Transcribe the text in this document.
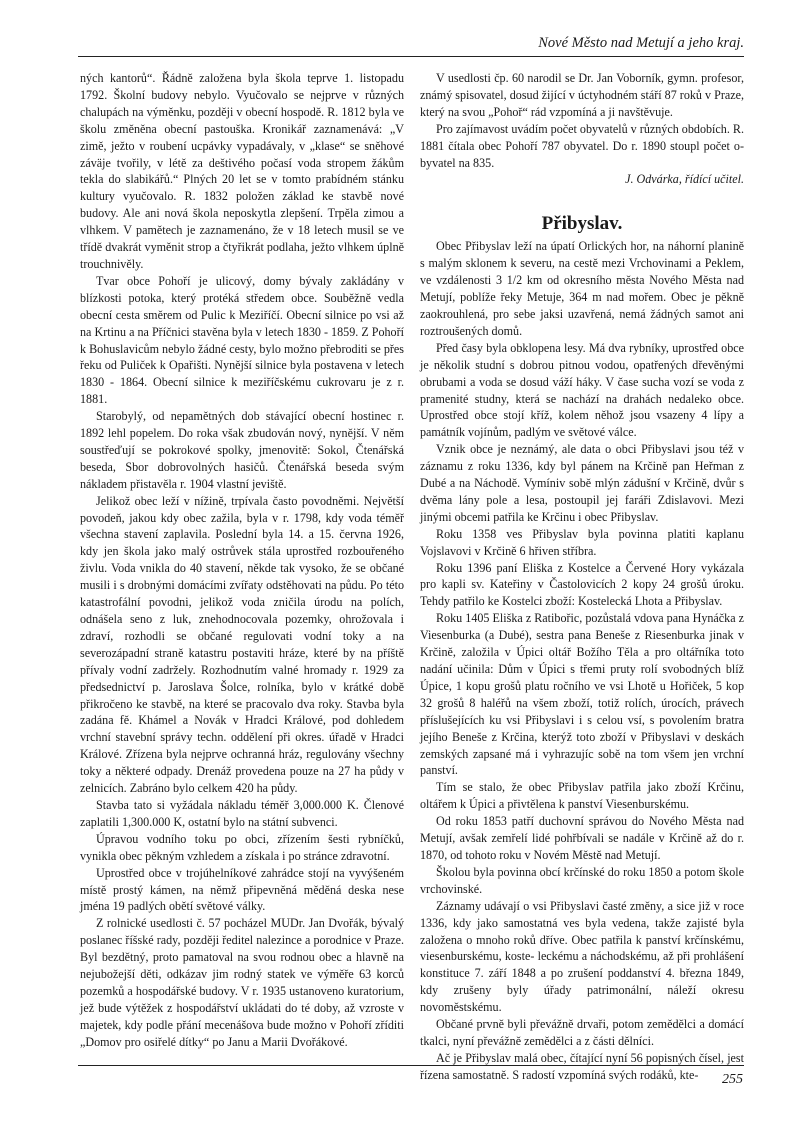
Nové Město nad Metují a jeho kraj.

ných kantorů“. Řádně založena byla škola teprve 1. listopadu 1792. Školní budovy nebylo. Vyučovalo se nejprve v různých chalupách na výměnku, později v obecní hospodě. R. 1812 byla ve školu změněna obecní pastouška. Kronikář zaznamenává: „V zimě, ježto v roubení ucpávky vypadávaly, v „klase“ se sněhové záväje tvořily, v létě za deštivého počasí voda stropem žákům tekla do slabikářů.“ Plných 20 let se v tomto prabídném stánku kultury vyučovalo. R. 1832 položen základ ke stavbě nové budovy. Ale ani nová škola neposkytla zlepšení. Trpěla zimou a vlhkem. V pamětech je zaznamenáno, že v 18 letech musil se ve třídě dvakrát vyměnit strop a čtyřikrát podlaha, ježto vlhkem úplně trouchnivěly.

Tvar obce Pohoří je ulicový, domy bývaly zakládány v blízkosti potoka, který protéká středem obce. Souběžně vedla obecní cesta směrem od Pulic k Meziříčí. Obecní silnice po vsi až na Krtinu a na Příčnici stavěna byla v letech 1830 - 1859. Z Pohoří k Bohuslavicům nebylo žádné cesty, bylo možno přebroditi se přes řeku od Puliček k Opařišti. Nynější silnice byla postavena v letech 1830 - 1864. Obecní silnice k meziříčskému cukrovaru je z r. 1881.

Starobylý, od nepamětných dob stávající obecní hostinec r. 1892 lehl popelem. Do roka však zbudován nový, nynější. V něm soustřeďují se pokrokové spolky, jmenovitě: Sokol, Čtenářská beseda, Sbor dobrovolných hasičů. Čtenářská beseda svým nákladem přistavěla r. 1904 vlastní jeviště.

Jelikož obec leží v nížině, trpívala často povodněmi. Největší povodeň, jakou kdy obec zažila, byla v r. 1798, kdy voda téměř všechna stavení zaplavila. Poslední byla 14. a 15. června 1926, kdy jen škola jako malý ostrůvek stála uprostřed rozbouřeného živlu. Voda vnikla do 40 stavení, někde tak vysoko, že se občané musili i s drobnými domácími zvířaty odstěhovati na půdu. Po této katastrofální povodni, jelikož voda zničila úrodu na polích, odnášela seno z luk, znehodnocovala pozemky, ohrožovala i zdraví, rozhodli se občané regulovati vodní toky a na severozápadní straně katastru postaviti hráze, které by na příště přívaly vodní zadržely. Rozhodnutím valné hromady r. 1929 za předsednictví p. Jaroslava Šolce, rolníka, bylo v krátké době přikročeno ke stavbě, na které se pracovalo dva roky. Stavba byla zadána fě. Khámel a Novák v Hradci Králové, pod dohledem vrchní stavební správy techn. oddělení při okres. úřadě v Hradci Králové. Zřízena byla nejprve ochranná hráz, regulovány všechny toky a některé odpady. Drenáž provedena pouze na 27 ha půdy v zelnicích. Zabráno bylo celkem 420 ha půdy.

Stavba tato si vyžádala nákladu téměř 3,000.000 K. Členové zaplatili 1,300.000 K, ostatní bylo na státní subvenci.

Úpravou vodního toku po obci, zřízením šesti rybníčků, vynikla obec pěkným vzhledem a získala i po stránce zdravotní.

Uprostřed obce v trojúhelníkové zahrádce stojí na vyvýšeném místě prostý kámen, na němž připevněná měděná deska nese jména 19 padlých obětí světové války.

Z rolnické usedlosti č. 57 pocházel MUDr. Jan Dvořák, bývalý poslanec říšské rady, později ředitel nalezince a porodnice v Praze. Byl bezdětný, proto pamatoval na svou rodnou obec a hlavně na nejubožejší děti, odkázav jim rodný statek ve výměře 63 korců pozemků a hospodářské budovy. V r. 1935 ustanoveno kuratorium, jež bude výtěžek z hospodářství ukládati do té doby, až vzroste v majetek, kdy podle přání mecenášova bude možno v Pohoří zříditi „Domov pro osiřelé dítky“ po Janu a Marii Dvořákové.

V usedlosti čp. 60 narodil se Dr. Jan Voborník, gymn. profesor, známý spisovatel, dosud žijící v úctyhodném stáří 87 roků v Praze, který na svou „Pohoř“ rád vzpomíná a ji navštěvuje.

Pro zajímavost uvádím počet obyvatelů v různých obdobích. R. 1881 čítala obec Pohoří 787 obyvatel. Do r. 1890 stoupl počet o- byvatel na 835.

J. Odvárka, řídící učitel.

Přibyslav.

Obec Přibyslav leží na úpatí Orlických hor, na náhorní planině s malým sklonem k severu, na cestě mezi Vrchovinami a Peklem, ve vzdálenosti 3 1/2 km od okresního města Nového Města nad Metují, poblíže řeky Metuje, 364 m nad mořem. Obec je pěkně zaokrouhlená, pro sebe jaksi uzavřená, nemá žádných samot ani roztroušených domů.

Před časy byla obklopena lesy. Má dva rybníky, uprostřed obce je několik studní s dobrou pitnou vodou, opatřených dřevěnými obrubami a voda se dosud váží háky. V čase sucha vozí se voda z pramenité studny, která se nachází na drahách nedaleko obce. Uprostřed obce stojí kříž, kolem něhož jsou vsazeny 4 lípy a památník vojínům, padlým ve světové válce.

Vznik obce je neznámý, ale data o obci Přibyslavi jsou též v záznamu z roku 1336, kdy byl pánem na Krčině pan Heřman z Dubé a na Náchodě. Vymíniv sobě mlýn zádušní v Krčině, dvůr s dvěma lány pole a lesa, postoupil jej faráři Zdislavovi. Mezi jinými obcemi patřila ke Krčinu i obec Přibyslav.

Roku 1358 ves Přibyslav byla povinna platiti kaplanu Vojslavovi v Krčině 6 hřiven stříbra.

Roku 1396 paní Eliška z Kostelce a Červené Hory vykázala pro kapli sv. Kateřiny v Častolovicích 2 kopy 24 grošů úroku. Tehdy patřilo ke Kostelci zboží: Kostelecká Lhota a Přibyslav.

Roku 1405 Eliška z Ratibořic, pozůstalá vdova pana Hynáčka z Viesenburka (a Dubé), sestra pana Beneše z Riesenburka jinak v Krčině, založila v Úpici oltář Božího Těla a pro oltářníka toto nadání učinila: Dům v Úpici s třemi pruty rolí svobodných blíž Úpice, 1 kopu grošů platu ročního ve vsi Lhotě u Hořiček, 5 kop 32 grošů 8 haléřů na všem zboží, totiž rolích, úrocích, právech příslušejících ku vsi Přibyslavi i s celou vsí, s povolením bratra jejího Beneše z Krčina, kterýž toto zboží v Přibyslavi v deskách zemských zapsané má i vyhrazujíc sobě na tom všem jen vrchní panství.

Tím se stalo, že obec Přibyslav patřila jako zboží Krčinu, oltářem k Úpici a přivtělena k panství Viesenburskému.

Od roku 1853 patří duchovní správou do Nového Města nad Metují, avšak zemřelí lidé pohřbívali se nadále v Krčině až do r. 1870, od tohoto roku v Novém Městě nad Metují.

Školou byla povinna obcí krčínské do roku 1850 a potom škole vrchovinské.

Záznamy udávají o vsi Přibyslavi časté změny, a sice již v roce 1336, kdy jako samostatná ves byla vedena, takže zajisté byla založena o mnoho roků dříve. Obec patřila k panství krčínskému, viesenburskému, koste- leckému a náchodskému, až při prohlášení konstituce 7. září 1848 a po zrušení poddanství 4. března 1849, kdy zrušeny byly úřady patrimonální, náleží okresu novoměstskému.

Občané prvně byli převážně drvaři, potom zemědělci a domácí tkalci, nyní převážně zemědělci a z části dělníci.

Ač je Přibyslav malá obec, čítající nyní 56 popisných čísel, jest řízena samostatně. S radostí vzpomíná svých rodáků, kte-	255
